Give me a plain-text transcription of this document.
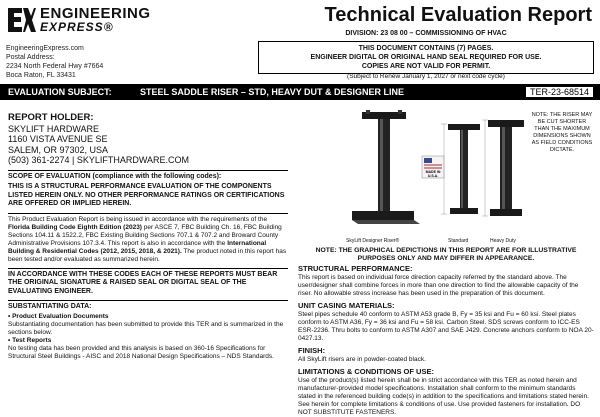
ENGINEERING
EXPRESS®
EngineeringExpress.com
Postal Address:
2234 North Federal Hwy #7664
Boca Raton, FL 33431
Technical Evaluation Report
DIVISION: 23 08 00 – COMMISSIONING OF HVAC
THIS DOCUMENT CONTAINS (7) PAGES.
ENGINEER DIGITAL OR ORIGINAL HAND SEAL REQUIRED FOR USE.
COPIES ARE NOT VALID FOR PERMIT.
(Subject to Renew January 1, 2027 or next code cycle)
EVALUATION SUBJECT:	STEEL SADDLE RISER – STD, HEAVY DUT & DESIGNER LINE	TER-23-68514
REPORT HOLDER:
SKYLIFT HARDWARE
1160 VISTA AVENUE SE
SALEM, OR 97302, USA
(503) 361-2274 | SKYLIFTHARDWARE.COM
SCOPE OF EVALUATION (compliance with the following codes):
THIS IS A STRUCTURAL PERFORMANCE EVALUATION OF THE COMPONENTS LISTED HEREIN ONLY. NO OTHER PERFORMANCE RATINGS OR CERTIFICATIONS ARE OFFERED OR IMPLIED HEREIN.
This Product Evaluation Report is being issued in accordance with the requirements of the Florida Building Code Eighth Edition (2023) per ASCE 7, FBC Building Ch. 16, FBC Building Sections 104.11 & 1522.2, FBC Existing Building Sections 707.1 & 707.2 and Broward County Administrative Provisions 107.3.4. This report is also in accordance with the International Building & Residential Codes (2012, 2015, 2018, & 2021). The product noted in this report has been tested and/or evaluated as summarized herein.
IN ACCORDANCE WITH THESE CODES EACH OF THESE REPORTS MUST BEAR THE ORIGINAL SIGNATURE & RAISED SEAL OR DIGITAL SEAL OF THE EVALUATING ENGINEER.
SUBSTANTIATING DATA:
• Product Evaluation Documents
Substantiating documentation has been submitted to provide this TER and is summarized in the sections below.
• Test Reports
No testing data has been provided and this analysis is based on 360-16 Specifications for Structural Steel Buildings - AISC and 2018 National Design Specifications – NDS Standards.
MADE IN
U.S.A.
SkyLift Designer Riser®	Standard	Heavy Duty
NOTE: THE RISER MAY BE CUT SHORTER THAN THE MAXIMUM DIMENSIONS SHOWN AS FIELD CONDITIONS DICTATE.
NOTE: THE GRAPHICAL DEPICTIONS IN THIS REPORT ARE FOR ILLUSTRATIVE PURPOSES ONLY AND MAY DIFFER IN APPEARANCE.
STRUCTURAL PERFORMANCE:
This report is based on individual force direction capacity referred by the standard above. The user/designer shall combine forces in more than one direction to find the allowable capacity of the riser. No allowable stress increase has been used in the preparation of this document.
UNIT CASING MATERIALS:
Steel pipes schedule 40 conform to ASTM A53 grade B, Fy = 35 ksi and Fu = 60 ksi. Steel plates conform to ASTM A36, Fy = 36 ksi and Fu = 58 ksi. Carbon Steel. SDS screws conform to ICC-ES ESR-2236. Thru bolts to conform to ASTM A307 and SAE J429. Concrete anchors conform to NOA 20-0427.13.
FINISH:
All SkyLift risers are in powder-coated black.
LIMITATIONS & CONDITIONS OF USE:
Use of the product(s) listed herein shall be in strict accordance with this TER as noted herein and manufacturer-provided model specifications. Installation shall conform to the minimum standards stated in the referenced building code(s) in addition to the specifications and limitations stated herein. See herein for complete limitations & conditions of use. Use provided fasteners for installation. DO NOT SUBSTITUTE FASTENERS.
